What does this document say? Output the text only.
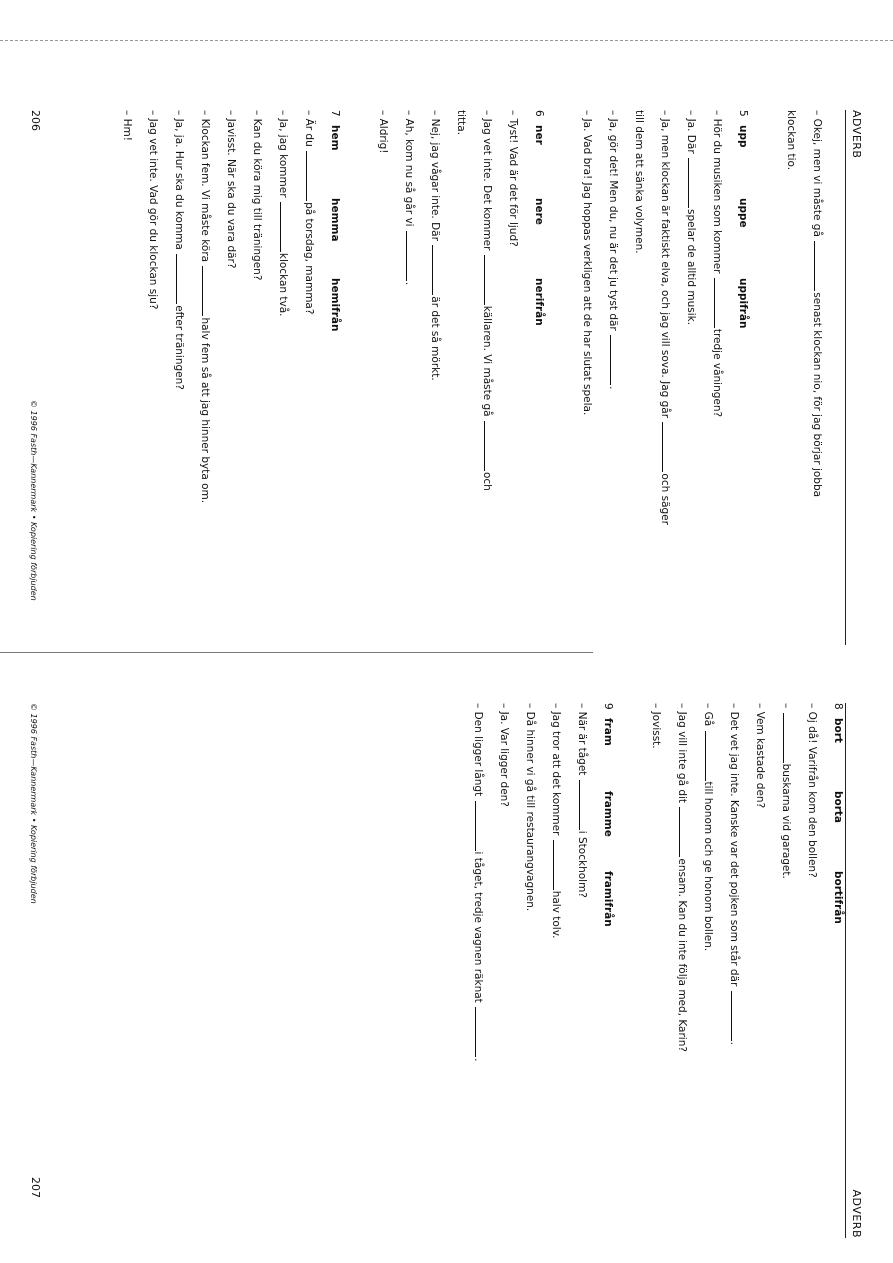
ADVERB
– Okej, men vi måste gå senast klockan nio, för jag börjar jobba
klockan tio.
5
upp
uppe
uppifrån
– Hör du musiken som kommer tredje våningen?
– Ja. Där spelar de alltid musik.
– Ja, men klockan är faktiskt elva, och jag vill sova. Jag går och säger
till dem att sänka volymen.
– Ja, gör det! Men du, nu är det ju tyst där .
– Ja. Vad bra! Jag hoppas verkligen att de har slutat spela.
6
ner
nere
nerifrån
– Tyst! Vad är det för ljud?
– Jag vet inte. Det kommer källaren. Vi måste gå och
titta.
– Nej, jag vågar inte. Där är det så mörkt.
– Ah, kom nu så går vi .
– Aldrig!
7
hem
hemma
hemifrån
– Är du på torsdag, mamma?
– Ja, jag kommer klockan två.
– Kan du köra mig till träningen?
– Javisst. När ska du vara där?
– Klockan fem. Vi måste köra halv fem så att jag hinner byta om.
– Ja, ja. Hur ska du komma efter träningen?
– Jag vet inte. Vad gör du klockan sju?
– Hm!
206
© 1996 Fasth—Kannermark • Kopiering förbjuden
ADVERB
8
bort
borta
bortifrån
– Oj då! Varifrån kom den bollen?
– buskarna vid garaget.
– Vem kastade den?
– Det vet jag inte. Kanske var det pojken som står där .
– Gå till honom och ge honom bollen.
– Jag vill inte gå dit ensam. Kan du inte följa med, Karin?
– Jovisst.
9
fram
framme
framifrån
– När är tåget i Stockholm?
– Jag tror att det kommer halv tolv.
– Då hinner vi gå till restaurangvagnen.
– Ja. Var ligger den?
– Den ligger långt i tåget, tredje vagnen räknat .
207
© 1996 Fasth—Kannermark • Kopiering förbjuden
